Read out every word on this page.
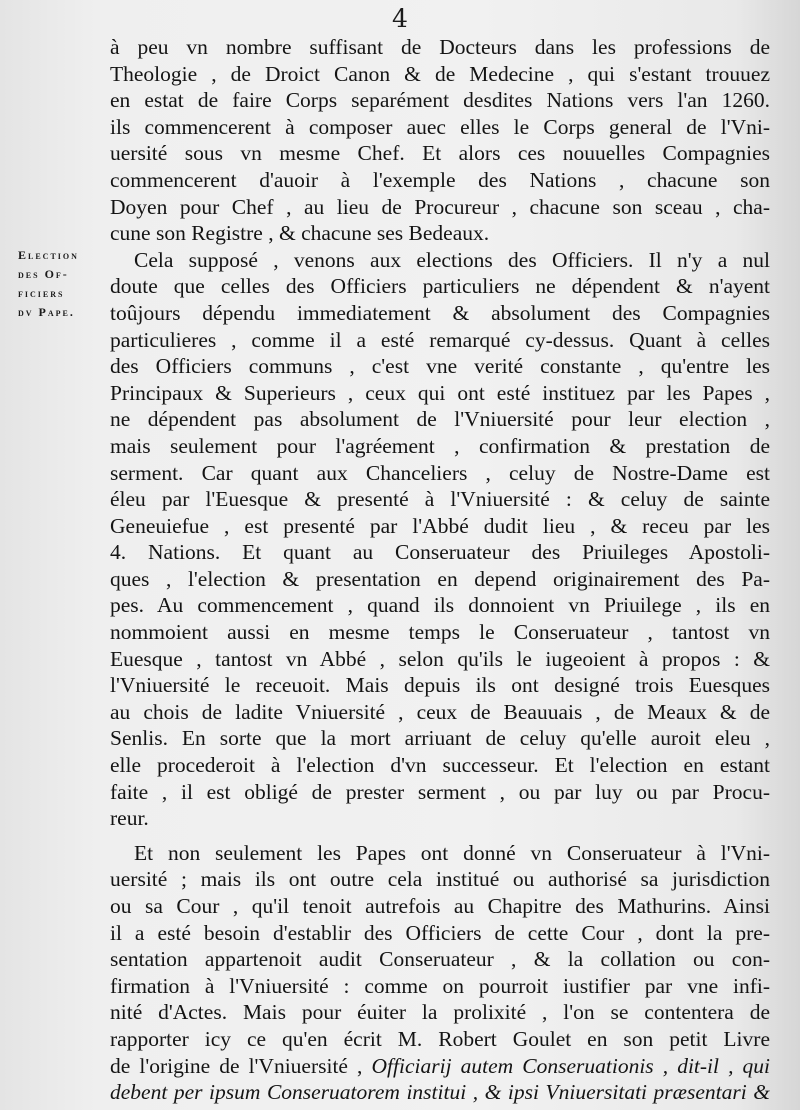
4
Election
des Of-
ficiers
dv Pape.
à peu vn nombre suffisant de Docteurs dans les professions de
Theologie , de Droict Canon & de Medecine , qui s'estant trouuez
en estat de faire Corps separément desdites Nations vers l'an 1260.
ils commencerent à composer auec elles le Corps general de l'Vni-
uersité sous vn mesme Chef. Et alors ces nouuelles Compagnies
commencerent d'auoir à l'exemple des Nations , chacune son
Doyen pour Chef , au lieu de Procureur , chacune son sceau , cha-
cune son Registre , & chacune ses Bedeaux.
Cela supposé , venons aux elections des Officiers. Il n'y a nul
doute que celles des Officiers particuliers ne dépendent & n'ayent
toûjours dépendu immediatement & absolument des Compagnies
particulieres , comme il a esté remarqué cy-dessus. Quant à celles
des Officiers communs , c'est vne verité constante , qu'entre les
Principaux & Superieurs , ceux qui ont esté instituez par les Papes ,
ne dépendent pas absolument de l'Vniuersité pour leur election ,
mais seulement pour l'agréement , confirmation & prestation de
serment. Car quant aux Chanceliers , celuy de Nostre-Dame est
éleu par l'Euesque & presenté à l'Vniuersité : & celuy de sainte
Geneuiefue , est presenté par l'Abbé dudit lieu , & receu par les
4. Nations. Et quant au Conseruateur des Priuileges Apostoli-
ques , l'election & presentation en depend originairement des Pa-
pes. Au commencement , quand ils donnoient vn Priuilege , ils en
nommoient aussi en mesme temps le Conseruateur , tantost vn
Euesque , tantost vn Abbé , selon qu'ils le iugeoient à propos : &
l'Vniuersité le receuoit. Mais depuis ils ont designé trois Euesques
au chois de ladite Vniuersité , ceux de Beauuais , de Meaux & de
Senlis. En sorte que la mort arriuant de celuy qu'elle auroit eleu ,
elle procederoit à l'election d'vn successeur. Et l'election en estant
faite , il est obligé de prester serment , ou par luy ou par Procu-
reur.
Et non seulement les Papes ont donné vn Conseruateur à l'Vni-
uersité ; mais ils ont outre cela institué ou authorisé sa jurisdiction
ou sa Cour , qu'il tenoit autrefois au Chapitre des Mathurins. Ainsi
il a esté besoin d'establir des Officiers de cette Cour , dont la pre-
sentation appartenoit audit Conseruateur , & la collation ou con-
firmation à l'Vniuersité : comme on pourroit iustifier par vne infi-
nité d'Actes. Mais pour éuiter la prolixité , l'on se contentera de
rapporter icy ce qu'en écrit M. Robert Goulet en son petit Livre
de l'origine de l'Vniuersité , Officiarij autem Conseruationis , dit-il , qui
debent per ipsum Conseruatorem institui , & ipsi Vniuersitati præsentari &
